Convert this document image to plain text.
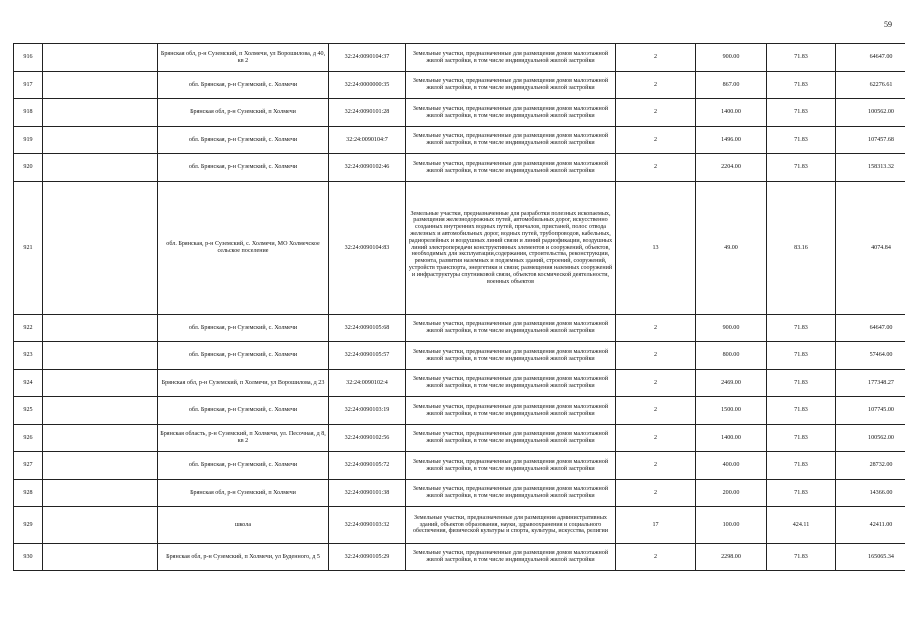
59
916		Брянская обл, р-н Суземский, п Холмечи, ул Ворошилова, д 40, кв 2	32:24:0090104:37	Земельные участки, предназначенные для размещения домов малоэтажной жилой застройки, в том числе индивидуальной жилой застройки	2	900.00	71.83	64647.00
917		обл. Брянская, р-н Суземский, с. Холмечи	32:24:0000000:35	Земельные участки, предназначенные для размещения домов малоэтажной жилой застройки, в том числе индивидуальной жилой застройки	2	867.00	71.83	62276.61
918		Брянская обл, р-н Суземский, п Холмечи	32:24:0090101:28	Земельные участки, предназначенные для размещения домов малоэтажной жилой застройки, в том числе индивидуальной жилой застройки	2	1400.00	71.83	100562.00
919		обл. Брянская, р-н Суземский, с. Холмечи	32:24:0090104:7	Земельные участки, предназначенные для размещения домов малоэтажной жилой застройки, в том числе индивидуальной жилой застройки	2	1496.00	71.83	107457.68
920		обл. Брянская, р-н Суземский, с. Холмечи	32:24:0090102:46	Земельные участки, предназначенные для размещения домов малоэтажной жилой застройки, в том числе индивидуальной жилой застройки	2	2204.00	71.83	158313.32
921		обл. Брянская, р-н Суземский, с. Холмечи, МО Холмечское сельское поселение	32:24:0090104:83	Земельные участки, предназначенные для разработки полезных ископаемых, размещения железнодорожных путей, автомобильных дорог, искусственно созданных внутренних водных путей, причалов, пристаней, полос отвода железных и автомобильных дорог, водных путей, трубопроводов, кабельных, радиорелейных и воздушных линий связи и линий радиофикации, воздушных линий электропередачи конструктивных элементов и сооружений, объектов, необходимых для эксплуатации,содержания, строительства, реконструкции, ремонта, развития наземных и подземных зданий, строений, сооружений, устройств транспорта, энергетики и связи; размещения наземных сооружений и инфраструктуры спутниковой связи, объектов космической деятельности, военных объектов	13	49.00	83.16	4074.84
922		обл. Брянская, р-н Суземский, с. Холмечи	32:24:0090105:68	Земельные участки, предназначенные для размещения домов малоэтажной жилой застройки, в том числе индивидуальной жилой застройки	2	900.00	71.83	64647.00
923		обл. Брянская, р-н Суземский, с. Холмечи	32:24:0090105:57	Земельные участки, предназначенные для размещения домов малоэтажной жилой застройки, в том числе индивидуальной жилой застройки	2	800.00	71.83	57464.00
924		Брянская обл, р-н Суземский, п Холмечи, ул Ворошилова, д 23	32:24:0090102:4	Земельные участки, предназначенные для размещения домов малоэтажной жилой застройки, в том числе индивидуальной жилой застройки	2	2469.00	71.83	177348.27
925		обл. Брянская, р-н Суземский, с. Холмечи	32:24:0090103:19	Земельные участки, предназначенные для размещения домов малоэтажной жилой застройки, в том числе индивидуальной жилой застройки	2	1500.00	71.83	107745.00
926		Брянская область, р-н Суземский, п Холмечи, ул. Песочная, д 8, кв 2	32:24:0090102:56	Земельные участки, предназначенные для размещения домов малоэтажной жилой застройки, в том числе индивидуальной жилой застройки	2	1400.00	71.83	100562.00
927		обл. Брянская, р-н Суземский, с. Холмечи	32:24:0090105:72	Земельные участки, предназначенные для размещения домов малоэтажной жилой застройки, в том числе индивидуальной жилой застройки	2	400.00	71.83	28732.00
928		Брянская обл, р-н Суземский, п Холмечи	32:24:0090101:38	Земельные участки, предназначенные для размещения домов малоэтажной жилой застройки, в том числе индивидуальной жилой застройки	2	200.00	71.83	14366.00
929		школа	32:24:0090103:32	Земельные участки, предназначенные для размещения административных зданий, объектов образования, науки, здравоохранения и социального обеспечения, физической культуры и спорта, культуры, искусства, религии	17	100.00	424.11	42411.00
930		Брянская обл, р-н Суземский, п Холмечи, ул Буденного, д 5	32:24:0090105:29	Земельные участки, предназначенные для размещения домов малоэтажной жилой застройки, в том числе индивидуальной жилой застройки	2	2298.00	71.83	165065.34
